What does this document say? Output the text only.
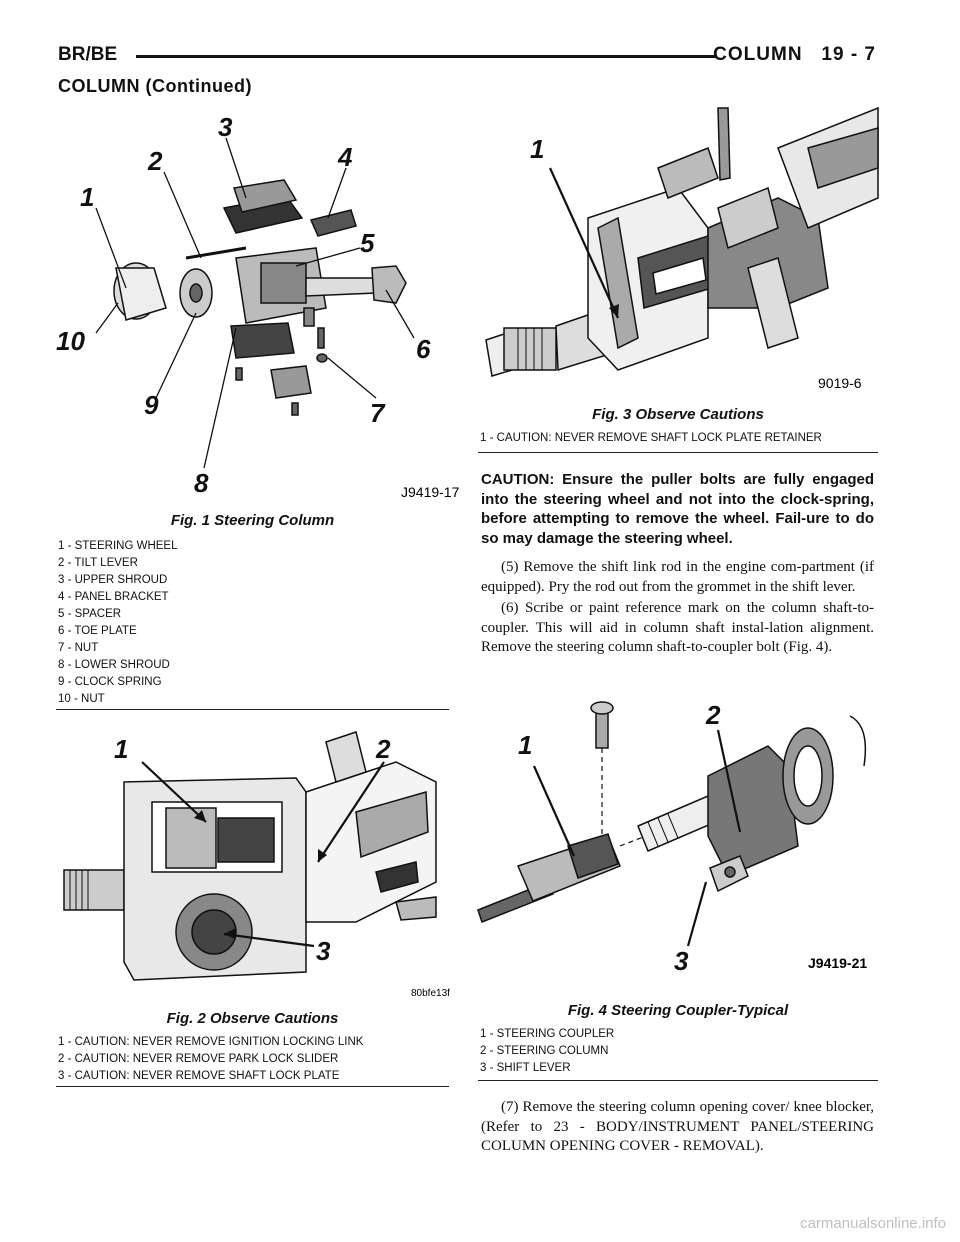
BR/BE	COLUMN 19 - 7
COLUMN (Continued)
J9419-17
1
2
3
4
5
6
7
8
9
10
Fig. 1 Steering Column
1 - STEERING WHEEL
2 - TILT LEVER
3 - UPPER SHROUD
4 - PANEL BRACKET
5 - SPACER
6 - TOE PLATE
7 - NUT
8 - LOWER SHROUD
9 - CLOCK SPRING
10 - NUT
80bfe13f
1	2
3
Fig. 2 Observe Cautions
1 - CAUTION: NEVER REMOVE IGNITION LOCKING LINK
2 - CAUTION: NEVER REMOVE PARK LOCK SLIDER
3 - CAUTION: NEVER REMOVE SHAFT LOCK PLATE
9019-6
1
Fig. 3 Observe Cautions
1 - CAUTION: NEVER REMOVE SHAFT LOCK PLATE RETAINER
CAUTION: Ensure the puller bolts are fully engaged into the steering wheel and not into the clock-spring, before attempting to remove the wheel. Fail-ure to do so may damage the steering wheel.

(5) Remove the shift link rod in the engine com-partment (if equipped). Pry the rod out from the grommet in the shift lever.

(6) Scribe or paint reference mark on the column shaft-to-coupler. This will aid in column shaft instal-lation alignment. Remove the steering column shaft-to-coupler bolt (Fig. 4).

J9419-21
1
2
3
Fig. 4 Steering Coupler-Typical
1 - STEERING COUPLER
2 - STEERING COLUMN
3 - SHIFT LEVER

(7) Remove the steering column opening cover/ knee blocker, (Refer to 23 - BODY/INSTRUMENT PANEL/STEERING COLUMN OPENING COVER - REMOVAL).

carmanualsonline.info
